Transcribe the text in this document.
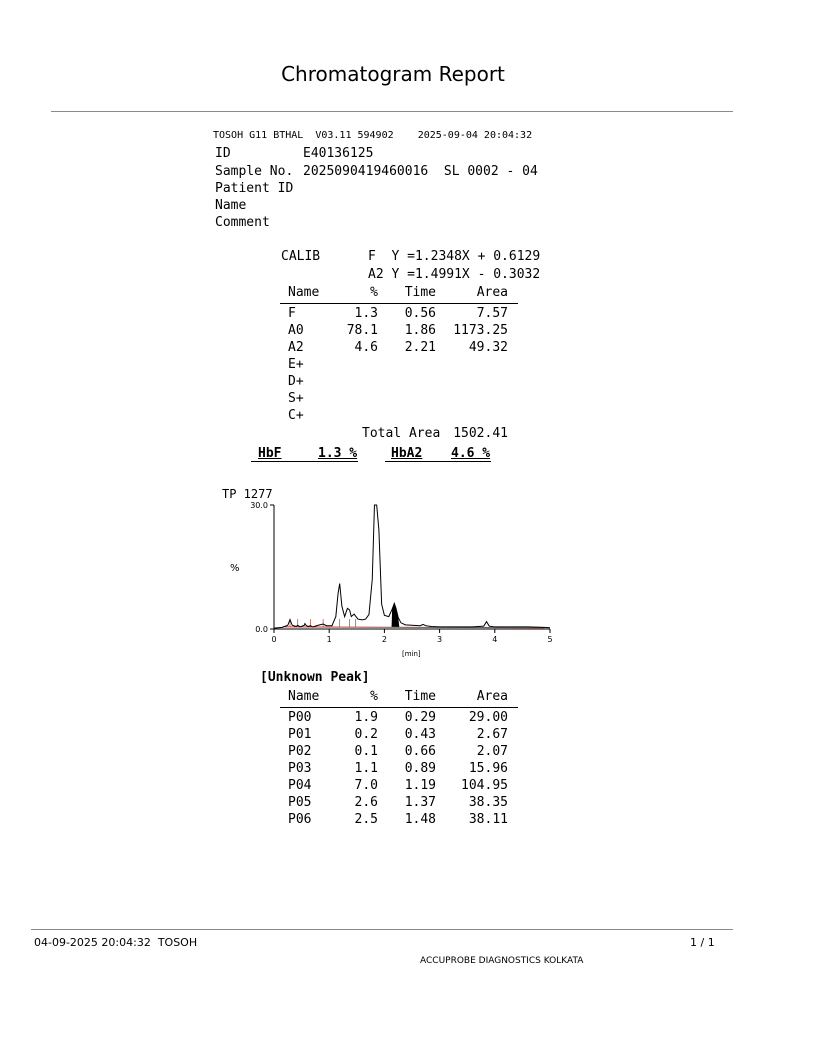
Chromatogram Report
TOSOH G11 BTHAL  V03.11 594902    2025-09-04 20:04:32
ID	E40136125
Sample No. 2025090419460016  SL 0002 - 04
Patient ID
Name
Comment
CALIB	F  Y =1.2348X + 0.6129
A2 Y =1.4991X - 0.3032
Name	% Time	Area
F	1.3 0.56	7.57
A0	78.1 1.86 1173.25
A2	4.6 2.21	49.32
E+
D+
S+
C+
Total Area 1502.41
HbF	1.3 %	HbA2 4.6 %
TP 1277
%
[min]
0	1	2	3	4	5
0.0
30.0
[Unknown Peak]
Name	% Time	Area
P00	1.9 0.29	29.00
P01	0.2 0.43	2.67
P02	0.1 0.66	2.07
P03	1.1 0.89	15.96
P04	7.0 1.19 104.95
P05	2.6 1.37	38.35
P06	2.5 1.48	38.11
04-09-2025 20:04:32  TOSOH	1 / 1
ACCUPROBE DIAGNOSTICS KOLKATA
